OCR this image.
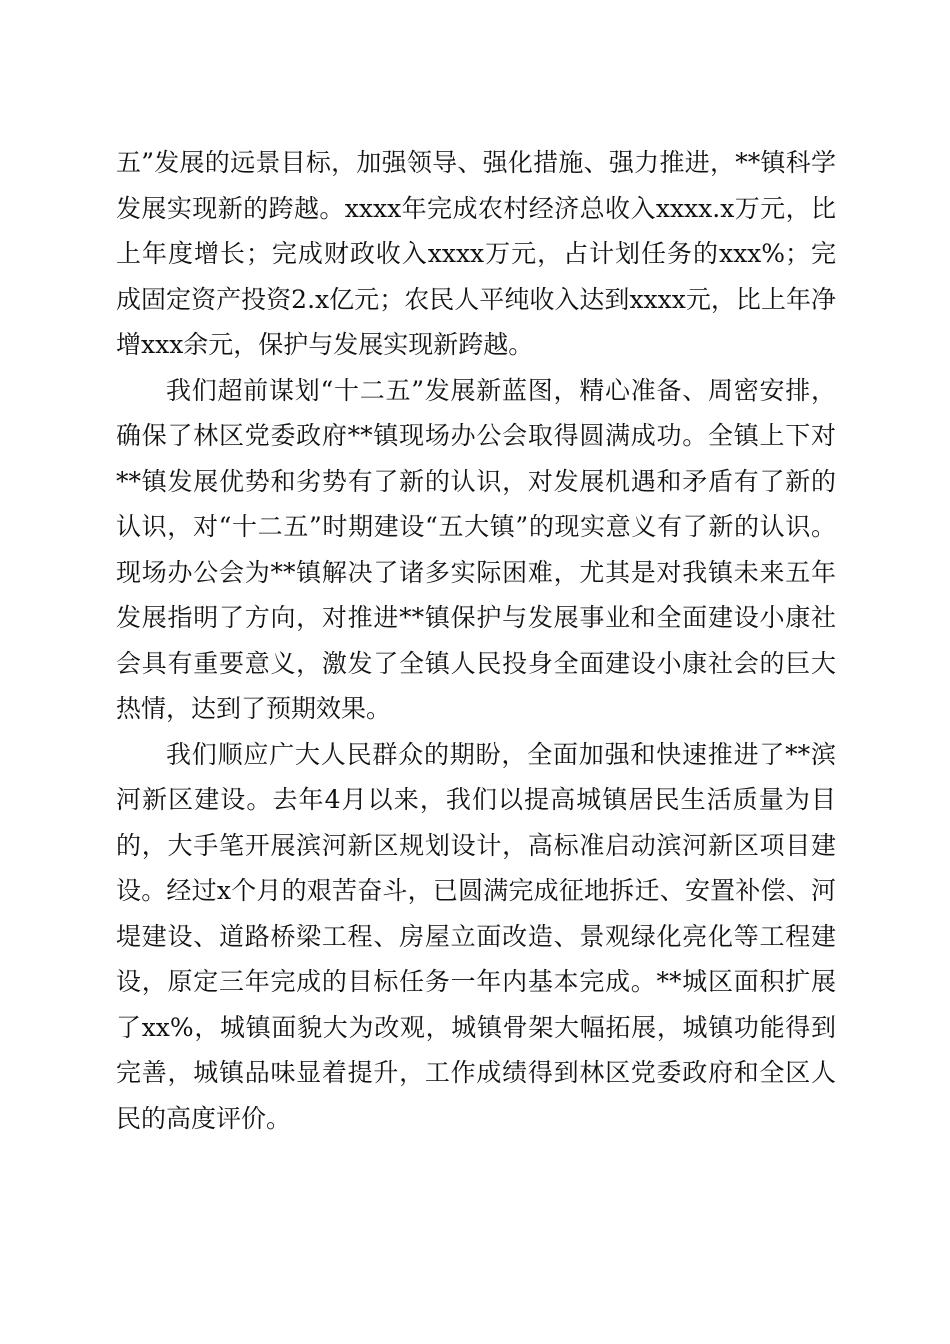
五”发展的远景目标，加强领导、强化措施、强力推进，**镇科学发展实现新的跨越。xxxx年完成农村经济总收入xxxx.x万元，比上年度增长；完成财政收入xxxx万元，占计划任务的xxx%；完成固定资产投资2.x亿元；农民人平纯收入达到xxxx元，比上年净增xxx余元，保护与发展实现新跨越。

我们超前谋划“十二五”发展新蓝图，精心准备、周密安排，确保了林区党委政府**镇现场办公会取得圆满成功。全镇上下对**镇发展优势和劣势有了新的认识，对发展机遇和矛盾有了新的认识，对“十二五”时期建设“五大镇”的现实意义有了新的认识。现场办公会为**镇解决了诸多实际困难，尤其是对我镇未来五年发展指明了方向，对推进**镇保护与发展事业和全面建设小康社会具有重要意义，激发了全镇人民投身全面建设小康社会的巨大热情，达到了预期效果。

我们顺应广大人民群众的期盼，全面加强和快速推进了**滨河新区建设。去年4月以来，我们以提高城镇居民生活质量为目的，大手笔开展滨河新区规划设计，高标准启动滨河新区项目建设。经过x个月的艰苦奋斗，已圆满完成征地拆迁、安置补偿、河堤建设、道路桥梁工程、房屋立面改造、景观绿化亮化等工程建设，原定三年完成的目标任务一年内基本完成。**城区面积扩展了xx%，城镇面貌大为改观，城镇骨架大幅拓展，城镇功能得到完善，城镇品味显着提升，工作成绩得到林区党委政府和全区人民的高度评价。
